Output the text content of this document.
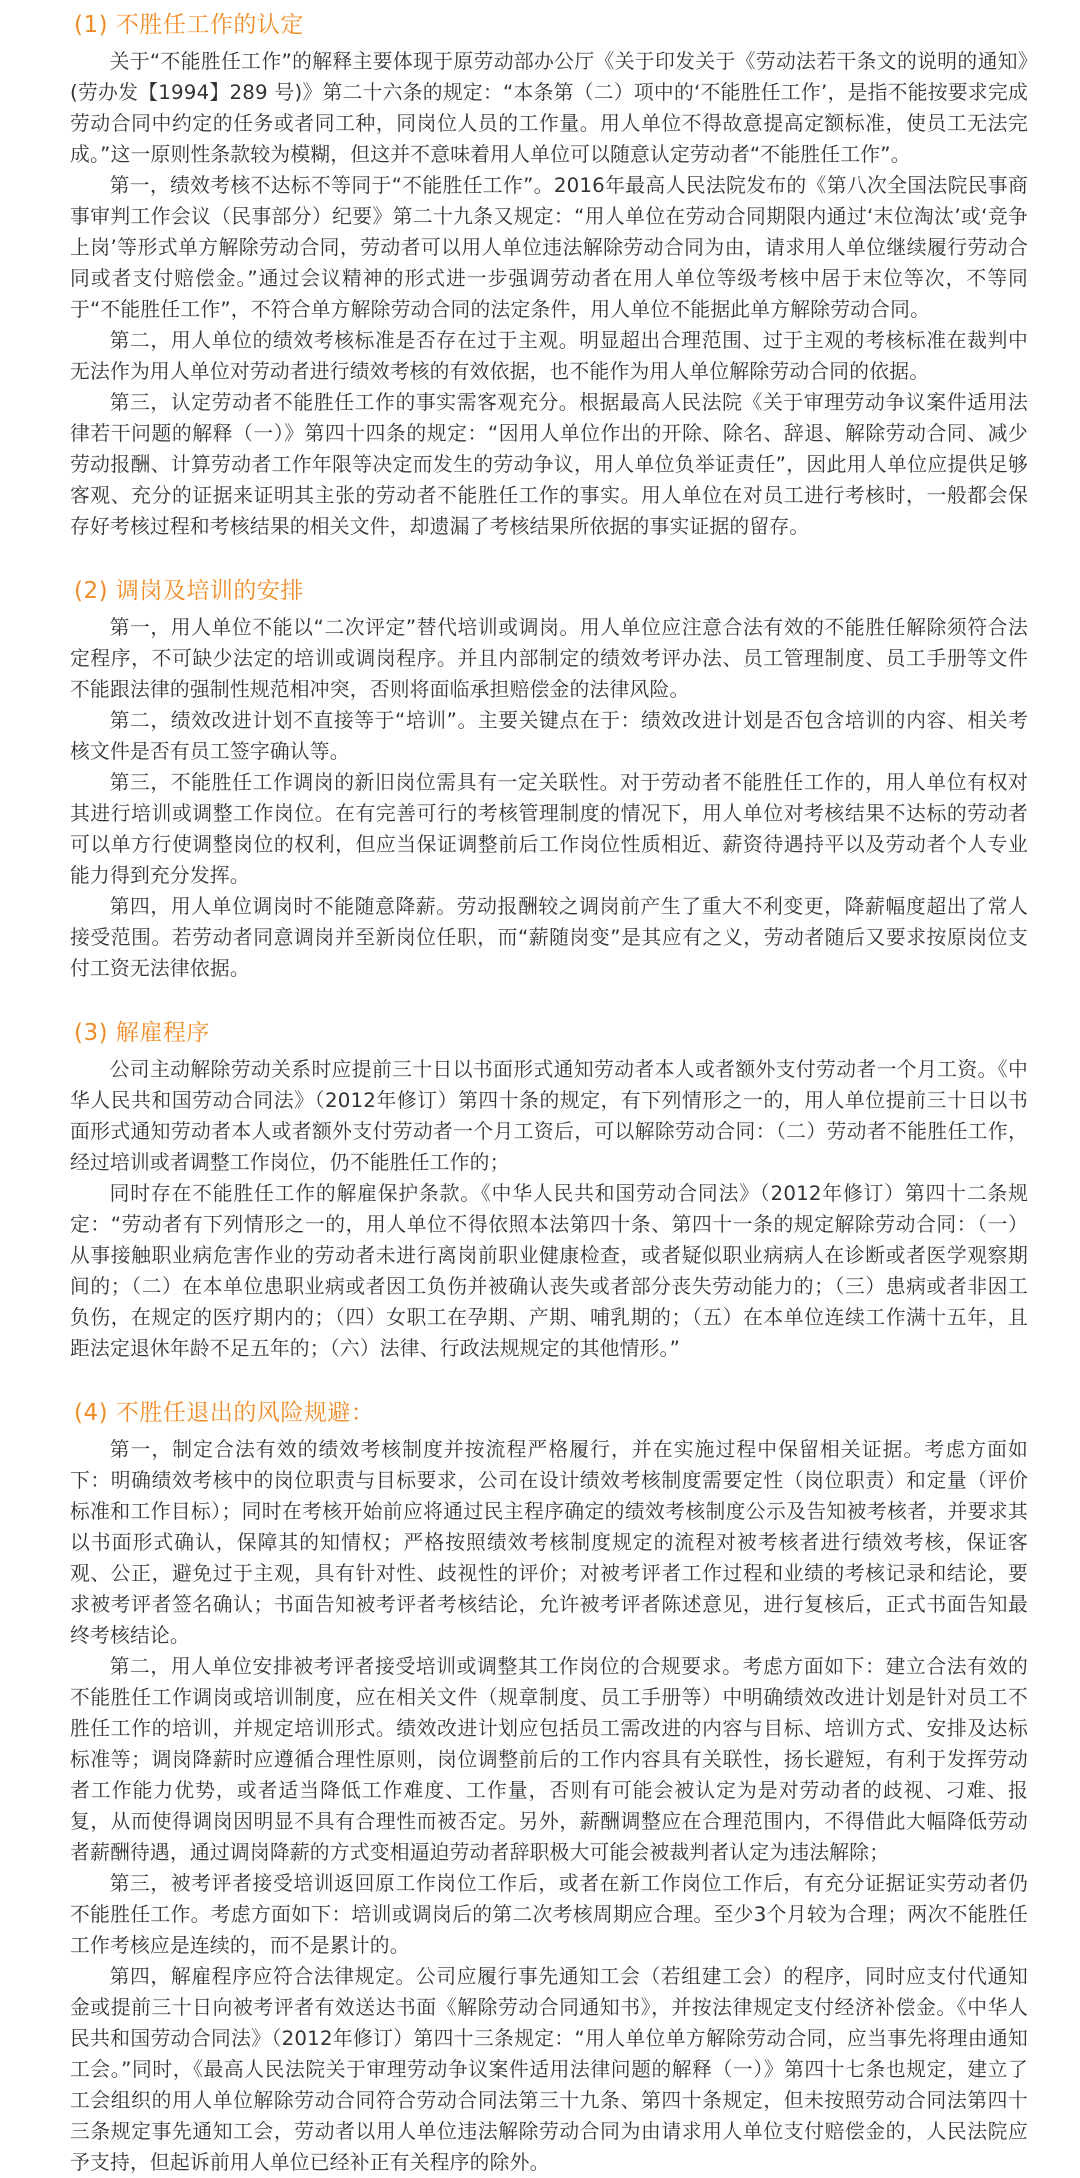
(1) 不胜任工作的认定

关于“不能胜任工作”的解释主要体现于原劳动部办公厅《关于印发关于《劳动法若干条文的说明的通知》(劳办发【1994】289 号)》第二十六条的规定：“本条第（二）项中的‘不能胜任工作’，是指不能按要求完成劳动合同中约定的任务或者同工种，同岗位人员的工作量。用人单位不得故意提高定额标准，使员工无法完成。”这一原则性条款较为模糊，但这并不意味着用人单位可以随意认定劳动者“不能胜任工作”。

第一，绩效考核不达标不等同于“不能胜任工作”。2016年最高人民法院发布的《第八次全国法院民事商事审判工作会议（民事部分）纪要》第二十九条又规定：“用人单位在劳动合同期限内通过‘末位淘汰’或‘竞争上岗’等形式单方解除劳动合同，劳动者可以用人单位违法解除劳动合同为由，请求用人单位继续履行劳动合同或者支付赔偿金。”通过会议精神的形式进一步强调劳动者在用人单位等级考核中居于末位等次，不等同于“不能胜任工作”，不符合单方解除劳动合同的法定条件，用人单位不能据此单方解除劳动合同。

第二，用人单位的绩效考核标准是否存在过于主观。明显超出合理范围、过于主观的考核标准在裁判中无法作为用人单位对劳动者进行绩效考核的有效依据，也不能作为用人单位解除劳动合同的依据。

第三，认定劳动者不能胜任工作的事实需客观充分。根据最高人民法院《关于审理劳动争议案件适用法律若干问题的解释（一）》第四十四条的规定：“因用人单位作出的开除、除名、辞退、解除劳动合同、减少劳动报酬、计算劳动者工作年限等决定而发生的劳动争议，用人单位负举证责任”，因此用人单位应提供足够客观、充分的证据来证明其主张的劳动者不能胜任工作的事实。用人单位在对员工进行考核时，一般都会保存好考核过程和考核结果的相关文件，却遗漏了考核结果所依据的事实证据的留存。

(2) 调岗及培训的安排

第一，用人单位不能以“二次评定”替代培训或调岗。用人单位应注意合法有效的不能胜任解除须符合法定程序，不可缺少法定的培训或调岗程序。并且内部制定的绩效考评办法、员工管理制度、员工手册等文件不能跟法律的强制性规范相冲突，否则将面临承担赔偿金的法律风险。

第二，绩效改进计划不直接等于“培训”。主要关键点在于：绩效改进计划是否包含培训的内容、相关考核文件是否有员工签字确认等。

第三，不能胜任工作调岗的新旧岗位需具有一定关联性。对于劳动者不能胜任工作的，用人单位有权对其进行培训或调整工作岗位。在有完善可行的考核管理制度的情况下，用人单位对考核结果不达标的劳动者可以单方行使调整岗位的权利，但应当保证调整前后工作岗位性质相近、薪资待遇持平以及劳动者个人专业能力得到充分发挥。

第四，用人单位调岗时不能随意降薪。劳动报酬较之调岗前产生了重大不利变更，降薪幅度超出了常人接受范围。若劳动者同意调岗并至新岗位任职，而“薪随岗变”是其应有之义，劳动者随后又要求按原岗位支付工资无法律依据。

(3) 解雇程序

公司主动解除劳动关系时应提前三十日以书面形式通知劳动者本人或者额外支付劳动者一个月工资。《中华人民共和国劳动合同法》（2012年修订）第四十条的规定，有下列情形之一的，用人单位提前三十日以书面形式通知劳动者本人或者额外支付劳动者一个月工资后，可以解除劳动合同：（二）劳动者不能胜任工作，经过培训或者调整工作岗位，仍不能胜任工作的；

同时存在不能胜任工作的解雇保护条款。《中华人民共和国劳动合同法》（2012年修订）第四十二条规定：“劳动者有下列情形之一的，用人单位不得依照本法第四十条、第四十一条的规定解除劳动合同：（一）从事接触职业病危害作业的劳动者未进行离岗前职业健康检查，或者疑似职业病病人在诊断或者医学观察期间的；（二）在本单位患职业病或者因工负伤并被确认丧失或者部分丧失劳动能力的；（三）患病或者非因工负伤，在规定的医疗期内的；（四）女职工在孕期、产期、哺乳期的；（五）在本单位连续工作满十五年，且距法定退休年龄不足五年的；（六）法律、行政法规规定的其他情形。”

(4) 不胜任退出的风险规避：

第一，制定合法有效的绩效考核制度并按流程严格履行，并在实施过程中保留相关证据。考虑方面如下：明确绩效考核中的岗位职责与目标要求，公司在设计绩效考核制度需要定性（岗位职责）和定量（评价标准和工作目标）；同时在考核开始前应将通过民主程序确定的绩效考核制度公示及告知被考核者，并要求其以书面形式确认，保障其的知情权；严格按照绩效考核制度规定的流程对被考核者进行绩效考核，保证客观、公正，避免过于主观，具有针对性、歧视性的评价；对被考评者工作过程和业绩的考核记录和结论，要求被考评者签名确认；书面告知被考评者考核结论，允许被考评者陈述意见，进行复核后，正式书面告知最终考核结论。

第二，用人单位安排被考评者接受培训或调整其工作岗位的合规要求。考虑方面如下：建立合法有效的不能胜任工作调岗或培训制度，应在相关文件（规章制度、员工手册等）中明确绩效改进计划是针对员工不胜任工作的培训，并规定培训形式。绩效改进计划应包括员工需改进的内容与目标、培训方式、安排及达标标准等；调岗降薪时应遵循合理性原则，岗位调整前后的工作内容具有关联性，扬长避短，有利于发挥劳动者工作能力优势，或者适当降低工作难度、工作量，否则有可能会被认定为是对劳动者的歧视、刁难、报复，从而使得调岗因明显不具有合理性而被否定。另外，薪酬调整应在合理范围内，不得借此大幅降低劳动者薪酬待遇，通过调岗降薪的方式变相逼迫劳动者辞职极大可能会被裁判者认定为违法解除；

第三，被考评者接受培训返回原工作岗位工作后，或者在新工作岗位工作后，有充分证据证实劳动者仍不能胜任工作。考虑方面如下：培训或调岗后的第二次考核周期应合理。至少3个月较为合理；两次不能胜任工作考核应是连续的，而不是累计的。

第四，解雇程序应符合法律规定。公司应履行事先通知工会（若组建工会）的程序，同时应支付代通知金或提前三十日向被考评者有效送达书面《解除劳动合同通知书》，并按法律规定支付经济补偿金。《中华人民共和国劳动合同法》（2012年修订）第四十三条规定：“用人单位单方解除劳动合同，应当事先将理由通知工会。”同时，《最高人民法院关于审理劳动争议案件适用法律问题的解释（一）》第四十七条也规定，建立了工会组织的用人单位解除劳动合同符合劳动合同法第三十九条、第四十条规定，但未按照劳动合同法第四十三条规定事先通知工会，劳动者以用人单位违法解除劳动合同为由请求用人单位支付赔偿金的，人民法院应予支持，但起诉前用人单位已经补正有关程序的除外。
